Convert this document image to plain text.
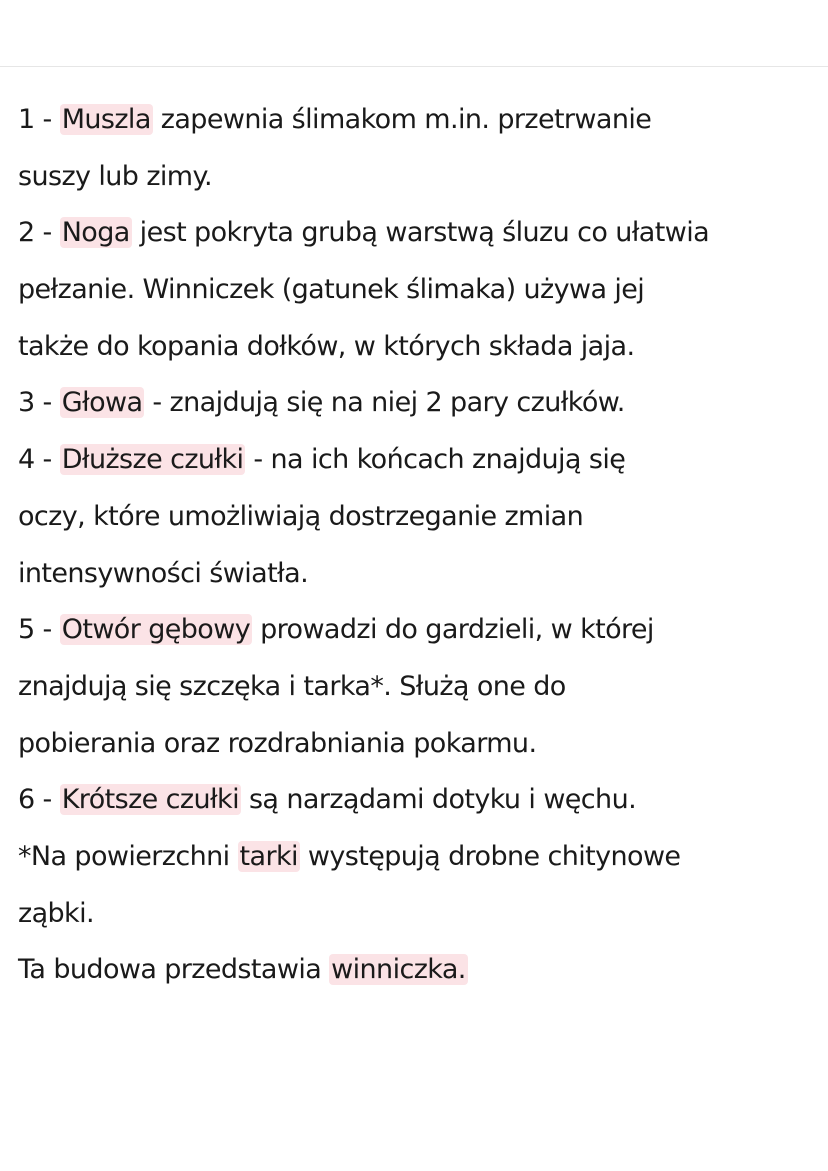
1 - Muszla zapewnia ślimakom m.in. przetrwanie
suszy lub zimy.
2 - Noga jest pokryta grubą warstwą śluzu co ułatwia
pełzanie. Winniczek (gatunek ślimaka) używa jej
także do kopania dołków, w których składa jaja.
3 - Głowa - znajdują się na niej 2 pary czułków.
4 - Dłuższe czułki - na ich końcach znajdują się
oczy, które umożliwiają dostrzeganie zmian
intensywności światła.
5 - Otwór gębowy prowadzi do gardzieli, w której
znajdują się szczęka i tarka*. Służą one do
pobierania oraz rozdrabniania pokarmu.
6 - Krótsze czułki są narządami dotyku i węchu.
*Na powierzchni tarki występują drobne chitynowe
ząbki.
Ta budowa przedstawia winniczka.
